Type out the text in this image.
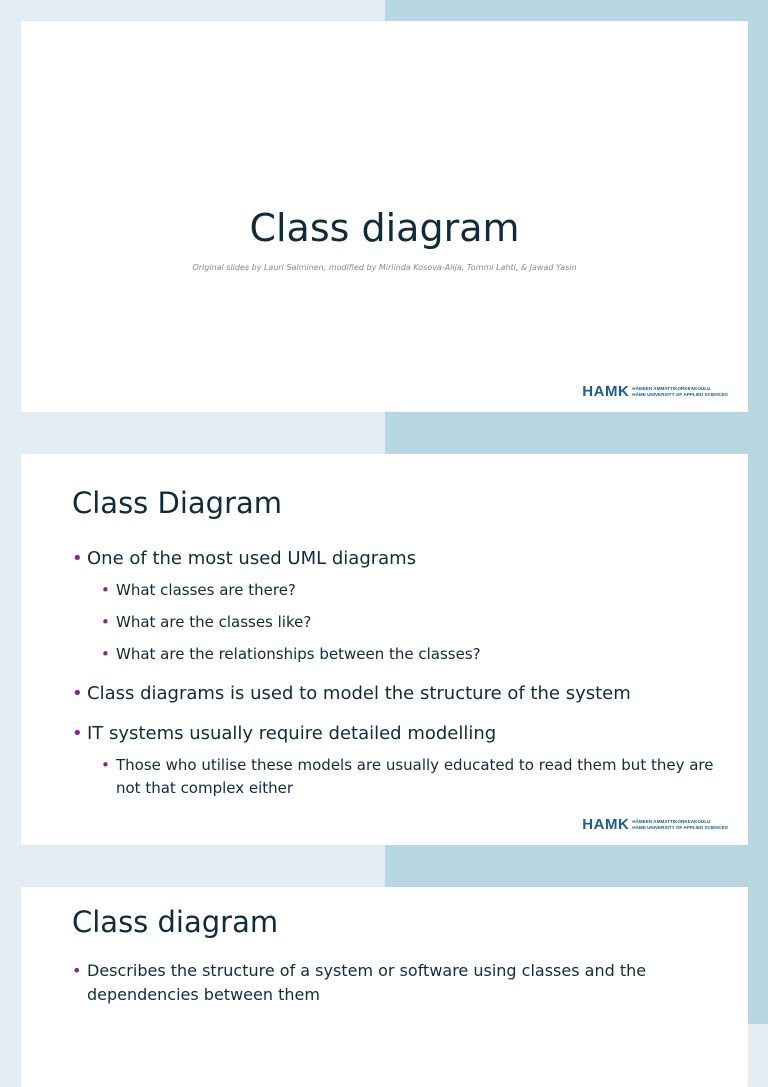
Class diagram

Original slides by Lauri Salminen, modified by Mirlinda Kosova-Alija, Tommi Lahti, & Jawad Yasin

HAMK HÄMEEN AMMATTIKORKEAKOULU
HÄME UNIVERSITY OF APPLIED SCIENCES
Class Diagram
• One of the most used UML diagrams
• What classes are there?
• What are the classes like?
• What are the relationships between the classes?
• Class diagrams is used to model the structure of the system
• IT systems usually require detailed modelling
• Those who utilise these models are usually educated to read them but they are not that complex either
HAMK HÄMEEN AMMATTIKORKEAKOULU
HÄME UNIVERSITY OF APPLIED SCIENCES
Class diagram
• Describes the structure of a system or software using classes and the dependencies between them
